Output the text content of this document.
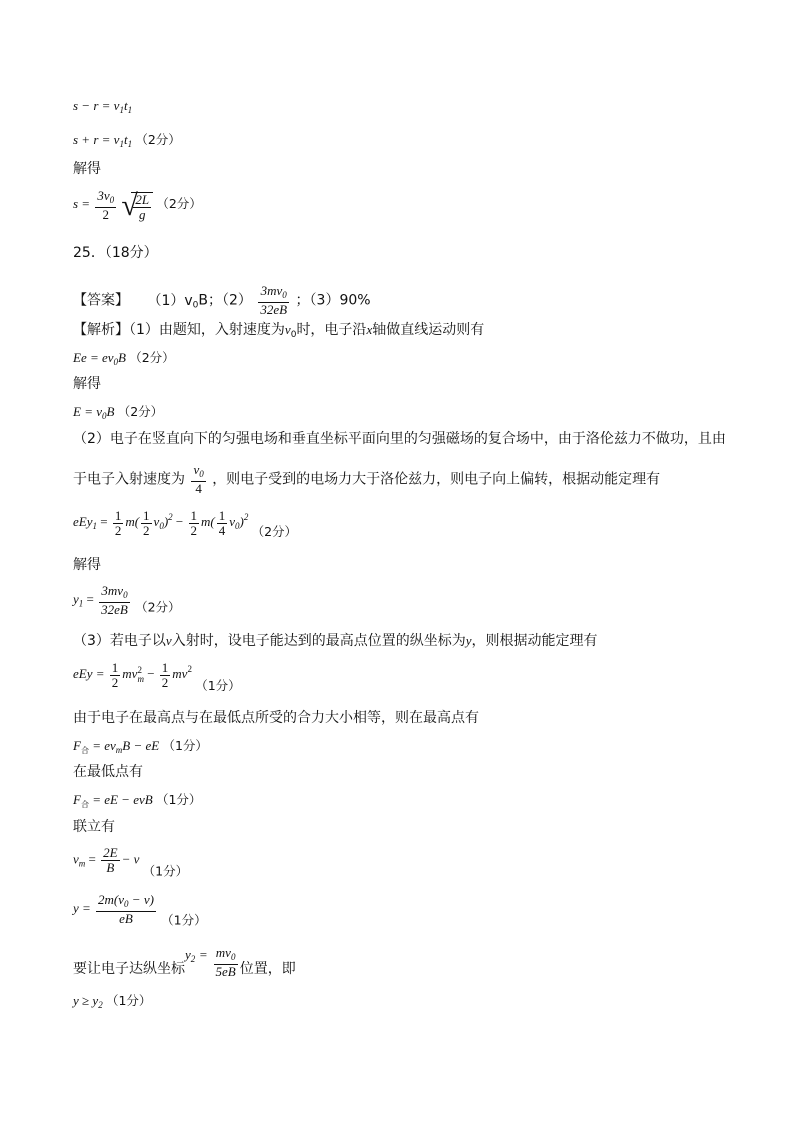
$s - r = v_1t_1$
$s + r = v_1t_1$ （2分）
解得
$s = \frac{3v_0}{2}$
√
$\frac{2L}{g} (2$分）
25．（18分）
【答案】 $(1)v_0B$；$(2) \frac{3mv_0}{32eB}$ ；（3）90%
【解析】（1）由题知，入射速度为$v_0$时，电子沿x轴做直线运动则有
$Ee = ev_0B$ （2分）
解得
$E = v_0B$ （2分）
（2）电子在竖直向下的匀强电场和垂直坐标平面向里的匀强磁场的复合场中，由于洛伦兹力不做功，且由
于电子入射速度为 $\frac{v_0}{4}$ ，则电子受到的电场力大于洛伦兹力，则电子向上偏转，根据动能定理有
$eEy_1 = \frac{1}{2} m( \frac{1}{2} v_0)^2 - \frac{1}{2} m( \frac{1}{4} v_0)^2$ （2分）
解得
$y_1 = \frac{3mv_0}{32eB} (2$分）
（3）若电子以v入射时，设电子能达到的最高点位置的纵坐标为y，则根据动能定理有
eEy = $\frac{1}{2}$ mv 2
$m - \frac{1}{2} mv^2$ （1分）
由于电子在最高点与在最低点所受的合力大小相等，则在最高点有
$F_合 = ev_mB$ − eE （1分）
在最低点有
$F_合$ = eE − evB （1分）
联立有
$v_m = \frac{2E}{B} - v$ （1分）
$y = \frac{2m(v_0 - v)}{eB} (1$分）
要让电子达纵坐标$y2 = \frac{mv_0}{5eB}$ 位置，即
$y \ge y_2$ （1分）
